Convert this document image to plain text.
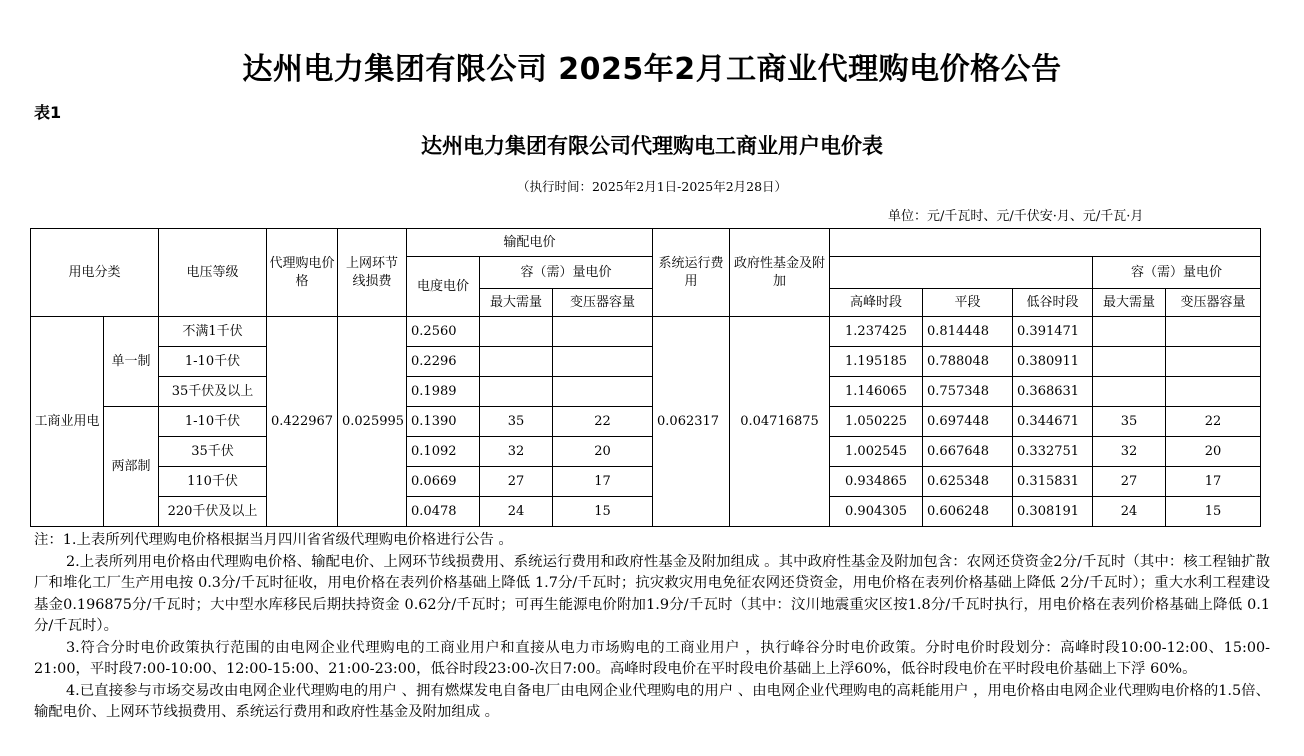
达州电力集团有限公司 2025年2月工商业代理购电价格公告
表1
达州电力集团有限公司代理购电工商业用户电价表
（执行时间：2025年2月1日-2025年2月28日）
单位：元/千瓦时、元/千伏安·月、元/千瓦·月
用电分类		电压等级	代理购电价格	上网环节线损费	输配电价			系统运行费用	政府性基金及附加					
					电度电价	容（需）量电价							容（需）量电价	
						最大需量	变压器容量			高峰时段	平段	低谷时段	最大需量	变压器容量
工商业用电	单一制	不满1千伏	0.422967	0.025995	0.2560			0.062317	0.04716875	1.237425	0.814448	0.391471		
		1-10千伏			0.2296					1.195185	0.788048	0.380911		
		35千伏及以上			0.1989					1.146065	0.757348	0.368631		
	两部制	1-10千伏			0.1390	35	22			1.050225	0.697448	0.344671	35	22
		35千伏			0.1092	32	20			1.002545	0.667648	0.332751	32	20
		110千伏			0.0669	27	17			0.934865	0.625348	0.315831	27	17
		220千伏及以上			0.0478	24	15			0.904305	0.606248	0.308191	24	15

注：1.上表所列代理购电价格根据当月四川省省级代理购电价格进行公告 。

2.上表所列用电价格由代理购电价格、输配电价、上网环节线损费用、系统运行费用和政府性基金及附加组成 。其中政府性基金及附加包含：农网还贷资金2分/千瓦时（其中：核工程铀扩散厂和堆化工厂生产用电按 0.3分/千瓦时征收，用电价格在表列价格基础上降低 1.7分/千瓦时；抗灾救灾用电免征农网还贷资金，用电价格在表列价格基础上降低 2分/千瓦时）；重大水利工程建设基金0.196875分/千瓦时；大中型水库移民后期扶持资金 0.62分/千瓦时；可再生能源电价附加1.9分/千瓦时（其中：汶川地震重灾区按1.8分/千瓦时执行，用电价格在表列价格基础上降低 0.1分/千瓦时）。

3.符合分时电价政策执行范围的由电网企业代理购电的工商业用户和直接从电力市场购电的工商业用户 ，执行峰谷分时电价政策。分时电价时段划分：高峰时段10:00-12:00、15:00-21:00，平时段7:00-10:00、12:00-15:00、21:00-23:00，低谷时段23:00-次日7:00。高峰时段电价在平时段电价基础上上浮60%，低谷时段电价在平时段电价基础上下浮 60%。

4.已直接参与市场交易改由电网企业代理购电的用户 、拥有燃煤发电自备电厂由电网企业代理购电的用户 、由电网企业代理购电的高耗能用户 ，用电价格由电网企业代理购电价格的1.5倍、输配电价、上网环节线损费用、系统运行费用和政府性基金及附加组成 。
